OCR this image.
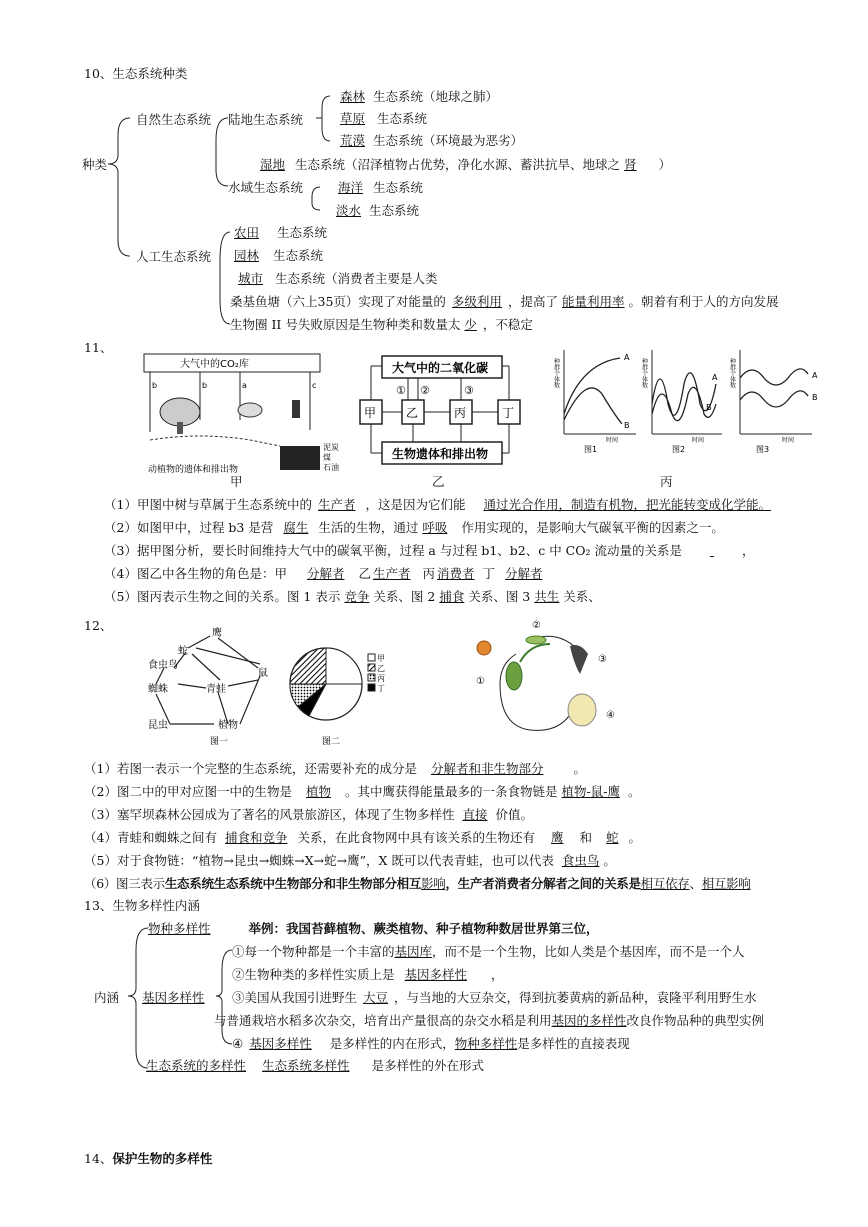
10、生态系统种类
种类
自然生态系统 陆地生态系统
森林 生态系统（地球之肺）
草原 生态系统
荒漠 生态系统（环境最为恶劣）
湿地 生态系统（沼泽植物占优势，净化水源、蓄洪抗旱、地球之 肾 ）
水域生态系统	海洋 生态系统
淡水 生态系统
人工生态系统
农田 生态系统
园林 生态系统
城市 生态系统（消费者主要是人类
桑基鱼塘（六上35页）实现了对能量的 多级利用 ，提高了 能量利用率 。朝着有利于人的方向发展
生物圈 II 号失败原因是生物种类和数量太 少 ，不稳定
11、
大气中的CO₂库
b	b	a	c
动植物的遗体和排出物
泥炭
煤
石油
大气中的二氧化碳
甲 乙	丙	丁
① ②	③
生物遗体和排出物
A
B
时间
种群个体数
图1
A
B
时间
种群个体数
图2
A
B
时间
种群个体数
图3
甲	乙	丙
（1）甲图中树与草属于生态系统中的 生产者 ，这是因为它们能 通过光合作用，制造有机物，把光能转变成化学能。
（2）如图甲中，过程 b3 是营 腐生 生活的生物，通过 呼吸 作用实现的，是影响大气碳氧平衡的因素之一。
（3）据甲图分析，要长时间维持大气中的碳氧平衡，过程 a 与过程 b1、b2、c 中 CO₂ 流动量的关系是	，
（4）图乙中各生物的角色是：甲 分解者 乙 生产者 丙 消费者 丁 分解者
（5）图丙表示生物之间的关系。图 1 表示 竞争 关系、图 2 捕食 关系、图 3 共生 关系、
12、
鹰
蛇
食虫鸟
蜘蛛	青蛙
鼠
昆虫	植物
图一
甲
乙
丙
丁
图二
①
②
③
④
（1）若图一表示一个完整的生态系统，还需要补充的成分是 分解者和非生物部分 。
（2）图二中的甲对应图一中的生物是 植物 。其中鹰获得能量最多的一条食物链是 植物-鼠-鹰 。
（3）塞罕坝森林公园成为了著名的风景旅游区，体现了生物多样性 直接 价值。
（4）青蛙和蜘蛛之间有 捕食和竞争 关系，在此食物网中具有该关系的生物还有 鹰 和 蛇 。
（5）对于食物链：“植物→昆虫→蜘蛛→X→蛇→鹰”，X 既可以代表青蛙，也可以代表 食虫鸟 。
（6）图三表示生态系统生态系统中生物部分和非生物部分相互影响，生产者消费者分解者之间的关系是相互依存、相互影响
13、生物多样性内涵
内涵
物种多样性	举例：我国苔藓植物、蕨类植物、种子植物种数居世界第三位，
基因多样性
①每一个物种都是一个丰富的基因库，而不是一个生物，比如人类是个基因库，而不是一个人
②生物种类的多样性实质上是 基因多样性 ，
③美国从我国引进野生 大豆 ，与当地的大豆杂交，得到抗萎黄病的新品种，袁隆平利用野生水
与普通栽培水稻多次杂交，培育出产量很高的杂交水稻是利用基因的多样性改良作物品种的典型实例
④ 基因多样性 是多样性的内在形式，物种多样性是多样性的直接表现
生态系统的多样性 生态系统多样性 是多样性的外在形式
14、保护生物的多样性
